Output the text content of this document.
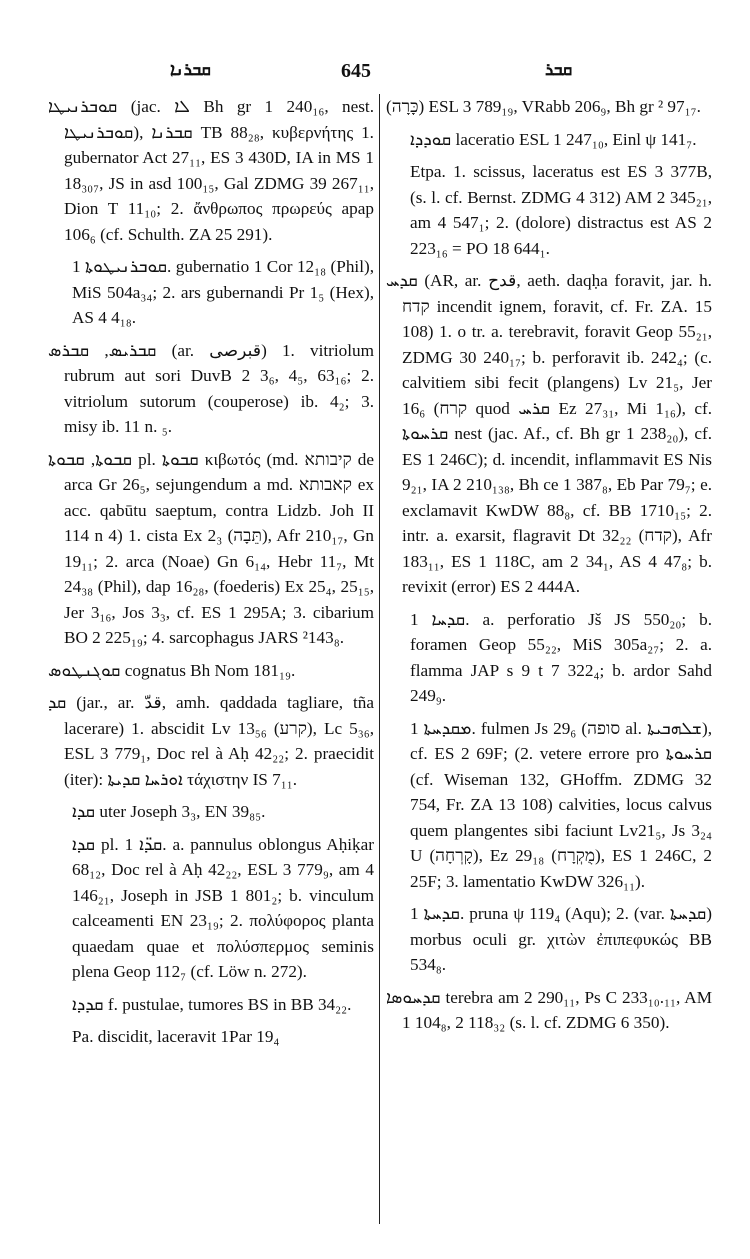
ܩܒܪܢܐ	645	ܩܒܪ

ܩܘܒܪܢܝܛܐ (jac. ܠܐ Bh gr 1 240₁₆, nest. ܩܘܒܪܢܝܛܐ), ܩܒܪܢܐ TB 88₂₈, κυβερνήτης 1. gubernator Act 27₁₁, ES 3 430D, IA in MS 1 18₃₀₇, JS in asd 100₁₅, Gal ZDMG 39 267₁₁, Dion T 11₁₀; 2. ἄνθρωπος πρωρεύς apap 106₆ (cf. Schulth. ZA 25 291).

ܩܘܒܪܢܝܛܘܬܐ 1. gubernatio 1 Cor 12₁₈ (Phil), MiS 504a₃₄; 2. ars gubernandi Pr 1₅ (Hex), AS 4 4₁₈.

ܩܒܪܝܣ, ܩܒܪܣ (ar. قبرصى) 1. vitriolum rubrum aut sori DuvB 2 3₆, 4₅, 63₁₆; 2. vitriolum sutorum (couperose) ib. 4₂; 3. misy ib. 11 n. ₅.

ܩܒܘܬܐ, ܩܒܘܬܐ pl. ܩܒܘܬܐ κιβωτός (md. קיבותא de arca Gr 26₅, sejungendum a md. קאבותא ex acc. qabūtu saeptum, contra Lidzb. Joh II 114 n 4) 1. cista Ex 2₃ (תֵּבָה), Afr 210₁₇, Gn 19₁₁; 2. arca (Noae) Gn 6₁₄, Hebr 11₇, Mt 24₃₈ (Phil), dap 16₂₈, (foederis) Ex 25₄, 25₁₅, Jer 3₁₆, Jos 3₃, cf. ES 1 295A; 3. cibarium BO 2 225₁₉; 4. sarcophagus JARS ²143₈.

ܩܘܓܢܛܘܣ cognatus Bh Nom 181₁₉.

ܩܕ (jar., ar. قدّ, amh. qaddada tagliare, tña lacerare) 1. abscidit Lv 13₅₆ (קרע), Lc 5₃₆, ESL 3 779₁, Doc rel à Aḥ 42₂₂; 2. praecidit (iter): ܐܘܪܚܐ ܩܕܝܬܐ τάχιστην IS 7₁₁.

ܩܕܐ uter Joseph 3₃, EN 39₈₅.

ܩܕܐ pl. ܩܕ̈ܐ 1. a. pannulus oblongus Aḥiḳar 68₁₂, Doc rel à Aḥ 42₂₂, ESL 3 779₉, am 4 146₂₁, Joseph in JSB 1 801₂; b. vinculum calceamenti EN 23₁₉; 2. πολύφορος planta quaedam quae et πολύσπερμος seminis plena Geop 112₇ (cf. Löw n. 272).

ܩܕܕܐ f. pustulae, tumores BS in BB 34₂₂.

Pa. discidit, laceravit 1Par 19₄

(כָּרָה) ESL 3 789₁₉, VRabb 206₉, Bh gr ² 97₁₇.

ܩܘܕܕܐ laceratio ESL 1 247₁₀, Einl ψ 141₇.

Etpa. 1. scissus, laceratus est ES 3 377B, (s. l. cf. Bernst. ZDMG 4 312) AM 2 345₂₁, am 4 547₁; 2. (dolore) distractus est AS 2 223₁₆ = PO 18 644₁.

ܩܕܚ (AR, ar. قدح, aeth. daqḥa foravit, jar. h. קדח incendit ignem, foravit, cf. Fr. ZA. 15 108) 1. o tr. a. terebravit, foravit Geop 55₂₁, ZDMG 30 240₁₇; b. perforavit ib. 242₄; (c. calvitiem sibi fecit (plangens) Lv 21₅, Jer 16₆ (קרח quod ܩܪܚ Ez 27₃₁, Mi 1₁₆), cf. ܩܪܚܘܬܐ nest (jac. Af., cf. Bh gr 1 238₂₀), cf. ES 1 246C); d. incendit, inflammavit ES Nis 9₂₁, IA 2 210₁₃₈, Bh ce 1 387₈, Eb Par 79₇; e. exclamavit KwDW 88₈, cf. BB 1710₁₅; 2. intr. a. exarsit, flagravit Dt 32₂₂ (קדח), Afr 183₁₁, ES 1 118C, am 2 34₁, AS 4 47₈; b. revixit (error) ES 2 444A.

ܩܕܚܐ 1. a. perforatio Jš JS 550₂₀; b. foramen Geop 55₂₂, MiS 305a₂₇; 2. a. flamma JAP s 9 t 7 322₄; b. ardor Sahd 249₉.

ܡܩܕܚܬܐ 1. fulmen Js 29₆ (סופה al. ܫܠܗܒܝܬܐ), cf. ES 2 69F; (2. vetere errore pro ܩܪܚܘܬܐ (cf. Wiseman 132, GHoffm. ZDMG 32 754, Fr. ZA 13 108) calvities, locus calvus quem plangentes sibi faciunt Lv21₅, Js 3₂₄ U (קָרְחָה), Ez 29₁₈ (מֻקְרָח), ES 1 246C, 2 25F; 3. lamentatio KwDW 326₁₁).

ܩܕܚܬܐ 1. pruna ψ 119₄ (Aqu); 2. (var. ܩܕܚܬܐ) morbus oculi gr. χιτὼν ἐπιπεφυκώς BB 534₈.

ܩܕܚܘܣܐ terebra am 2 290₁₁, Ps C 233₁₀.₁₁, AM 1 104₈, 2 118₃₂ (s. l. cf. ZDMG 6 350).
